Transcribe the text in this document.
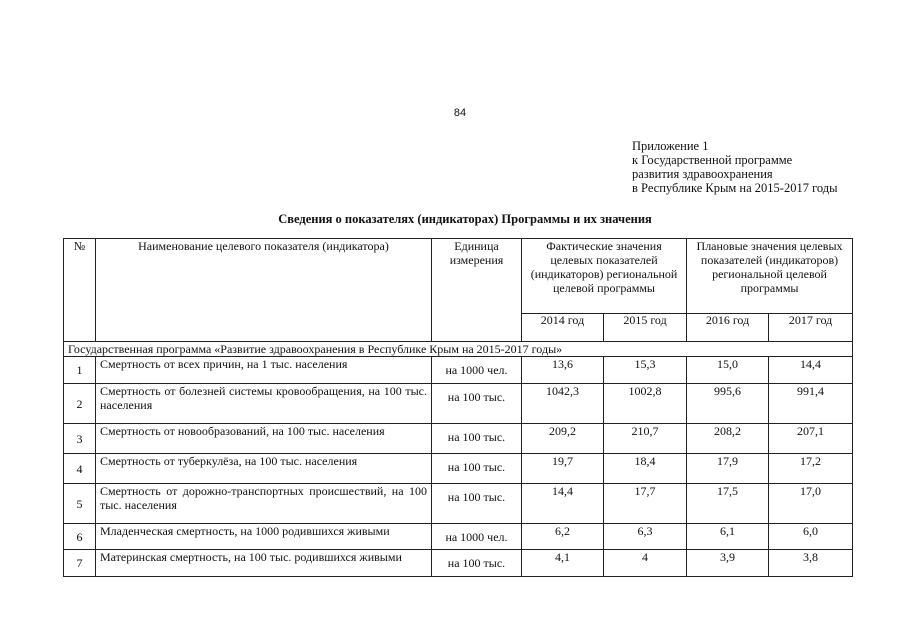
84
Приложение 1
к Государственной программе
развития здравоохранения
в Республике Крым на 2015-2017 годы
Сведения о показателях (индикаторах) Программы и их значения
№	Наименование целевого показателя (индикатора)	Единица измерения	Фактические значения целевых показателей (индикаторов) региональной целевой программы		Плановые значения целевых показателей (индикаторов) региональной целевой программы	
			2014 год	2015 год	2016 год	2017 год
Государственная программа «Развитие здравоохранения в Республике Крым на 2015-2017 годы»						
1	Смертность от всех причин, на 1 тыс. населения	на 1000 чел.	13,6	15,3	15,0	14,4
2	Смертность от болезней системы кровообращения, на 100 тыс. населения	на 100 тыс.	1042,3	1002,8	995,6	991,4
3	Смертность от новообразований, на 100 тыс. населения	на 100 тыс.	209,2	210,7	208,2	207,1
4	Смертность от туберкулёза, на 100 тыс. населения	на 100 тыс.	19,7	18,4	17,9	17,2
5	Смертность от дорожно-транспортных происшествий, на 100 тыс. населения	на 100 тыс.	14,4	17,7	17,5	17,0
6	Младенческая смертность, на 1000 родившихся живыми	на 1000 чел.	6,2	6,3	6,1	6,0
7	Материнская смертность, на 100 тыс. родившихся живыми	на 100 тыс.	4,1	4	3,9	3,8
